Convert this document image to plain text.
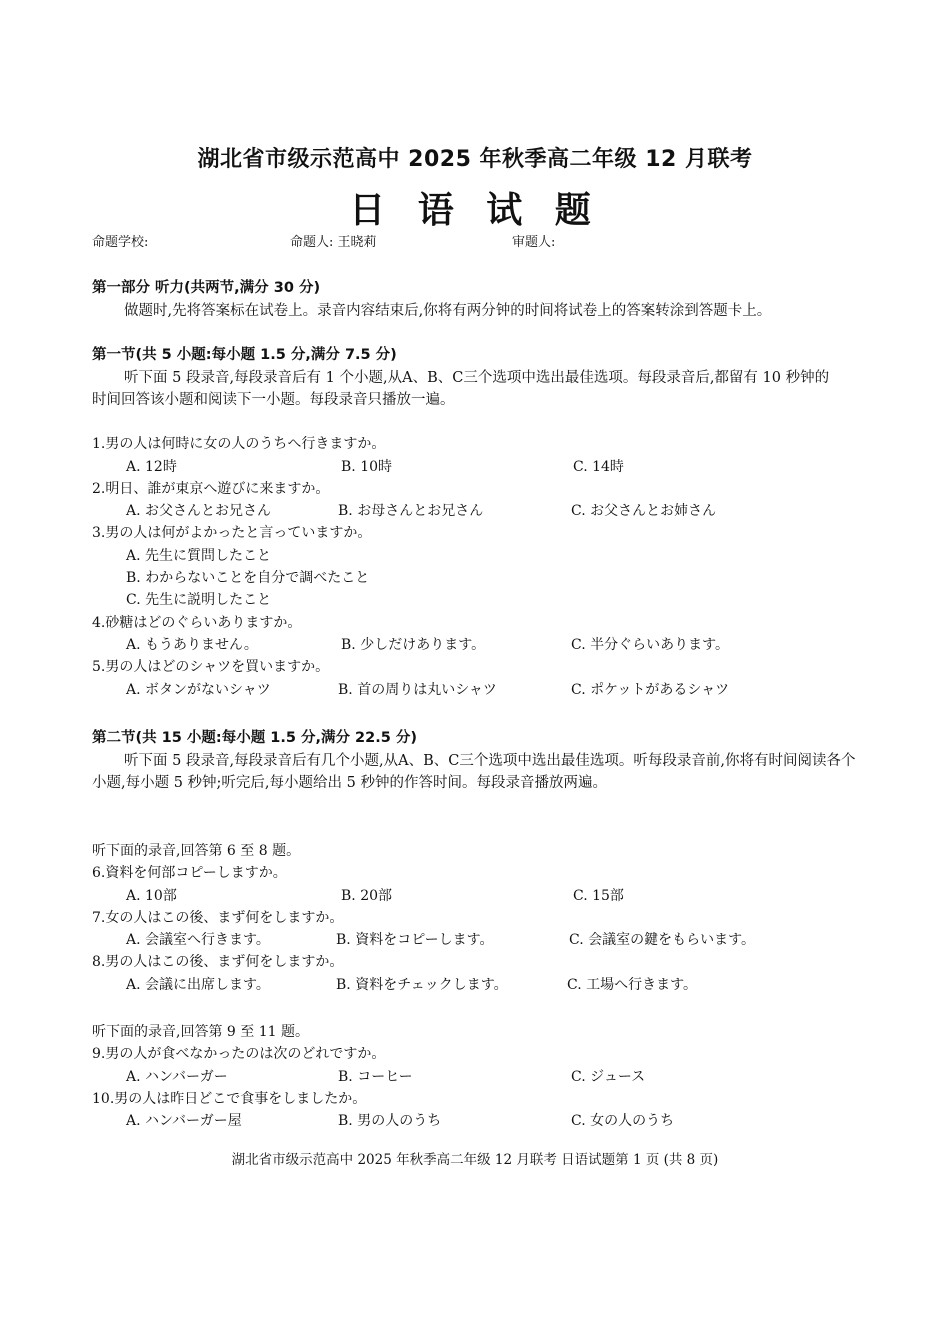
湖北省市级示范高中 2025 年秋季高二年级 12 月联考
日 语 试 题
命题学校:	命题人: 王晓莉	审题人:
第一部分 听力(共两节,满分 30 分)
做题时,先将答案标在试卷上。录音内容结束后,你将有两分钟的时间将试卷上的答案转涂到答题卡上。
第一节(共 5 小题:每小题 1.5 分,满分 7.5 分)
听下面 5 段录音,每段录音后有 1 个小题,从A、B、C三个选项中选出最佳选项。每段录音后,都留有 10 秒钟的时间回答该小题和阅读下一小题。每段录音只播放一遍。
1.男の人は何時に女の人のうちへ行きますか。
A. 12時	B. 10時	C. 14時
2.明日、誰が東京へ遊びに来ますか。
A. お父さんとお兄さん	B. お母さんとお兄さん	C. お父さんとお姉さん
3.男の人は何がよかったと言っていますか。
A. 先生に質問したこと
B. わからないことを自分で調べたこと
C. 先生に説明したこと
4.砂糖はどのぐらいありますか。
A. もうありません。	B. 少しだけあります。	C. 半分ぐらいあります。
5.男の人はどのシャツを買いますか。
A. ボタンがないシャツ	B. 首の周りは丸いシャツ	C. ポケットがあるシャツ
第二节(共 15 小题:每小题 1.5 分,满分 22.5 分)
听下面 5 段录音,每段录音后有几个小题,从A、B、C三个选项中选出最佳选项。听每段录音前,你将有时间阅读各个小题,每小题 5 秒钟;听完后,每小题给出 5 秒钟的作答时间。每段录音播放两遍。
听下面的录音,回答第 6 至 8 题。
6.資料を何部コピーしますか。
A. 10部	B. 20部	C. 15部
7.女の人はこの後、まず何をしますか。
A. 会議室へ行きます。	B. 資料をコピーします。	C. 会議室の鍵をもらいます。
8.男の人はこの後、まず何をしますか。
A. 会議に出席します。	B. 資料をチェックします。	C. 工場へ行きます。
听下面的录音,回答第 9 至 11 题。
9.男の人が食べなかったのは次のどれですか。
A. ハンバーガー	B. コーヒー	C. ジュース
10.男の人は昨日どこで食事をしましたか。
A. ハンバーガー屋	B. 男の人のうち	C. 女の人のうち
湖北省市级示范高中 2025 年秋季高二年级 12 月联考 日语试题第 1 页 (共 8 页)
